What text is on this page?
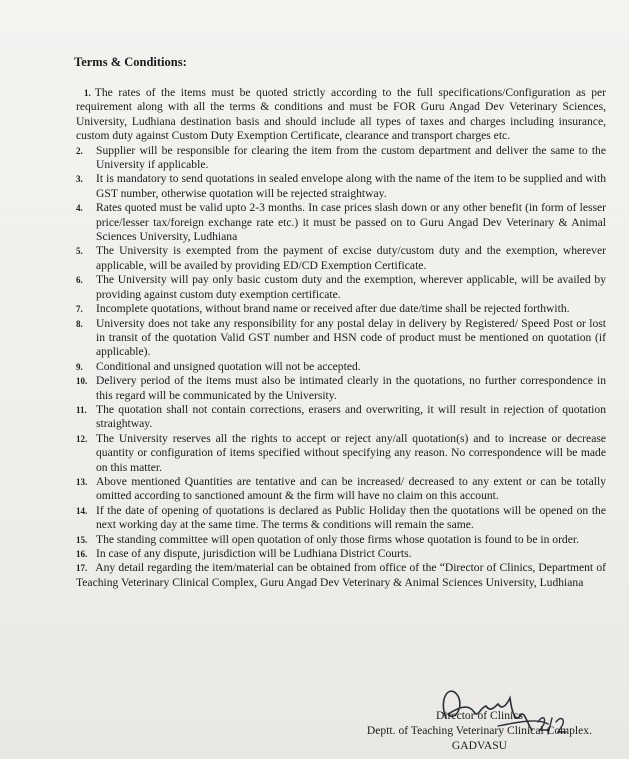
Terms & Conditions:

1. The rates of the items must be quoted strictly according to the full specifications/Configuration as per requirement along with all the terms & conditions and must be FOR Guru Angad Dev Veterinary Sciences, University, Ludhiana destination basis and should include all types of taxes and charges including insurance, custom duty against Custom Duty Exemption Certificate, clearance and transport charges etc.

2. Supplier will be responsible for clearing the item from the custom department and deliver the same to the University if applicable.

3. It is mandatory to send quotations in sealed envelope along with the name of the item to be supplied and with GST number, otherwise quotation will be rejected straightway.

4. Rates quoted must be valid upto 2-3 months. In case prices slash down or any other benefit (in form of lesser price/lesser tax/foreign exchange rate etc.) it must be passed on to Guru Angad Dev Veterinary & Animal Sciences University, Ludhiana

5. The University is exempted from the payment of excise duty/custom duty and the exemption, wherever applicable, will be availed by providing ED/CD Exemption Certificate.

6. The University will pay only basic custom duty and the exemption, wherever applicable, will be availed by providing against custom duty exemption certificate.

7. Incomplete quotations, without brand name or received after due date/time shall be rejected forthwith.

8. University does not take any responsibility for any postal delay in delivery by Registered/ Speed Post or lost in transit of the quotation Valid GST number and HSN code of product must be mentioned on quotation (if applicable).

9. Conditional and unsigned quotation will not be accepted.

10. Delivery period of the items must also be intimated clearly in the quotations, no further correspondence in this regard will be communicated by the University.

11. The quotation shall not contain corrections, erasers and overwriting, it will result in rejection of quotation straightway.

12. The University reserves all the rights to accept or reject any/all quotation(s) and to increase or decrease quantity or configuration of items specified without specifying any reason. No correspondence will be made on this matter.

13. Above mentioned Quantities are tentative and can be increased/ decreased to any extent or can be totally omitted according to sanctioned amount & the firm will have no claim on this account.

14. If the date of opening of quotations is declared as Public Holiday then the quotations will be opened on the next working day at the same time. The terms & conditions will remain the same.

15. The standing committee will open quotation of only those firms whose quotation is found to be in order.

16. In case of any dispute, jurisdiction will be Ludhiana District Courts.

17. Any detail regarding the item/material can be obtained from office of the “Director of Clinics, Department of Teaching Veterinary Clinical Complex, Guru Angad Dev Veterinary & Animal Sciences University, Ludhiana

Director of Clinics
Deptt. of Teaching Veterinary Clinical Complex.
GADVASU
